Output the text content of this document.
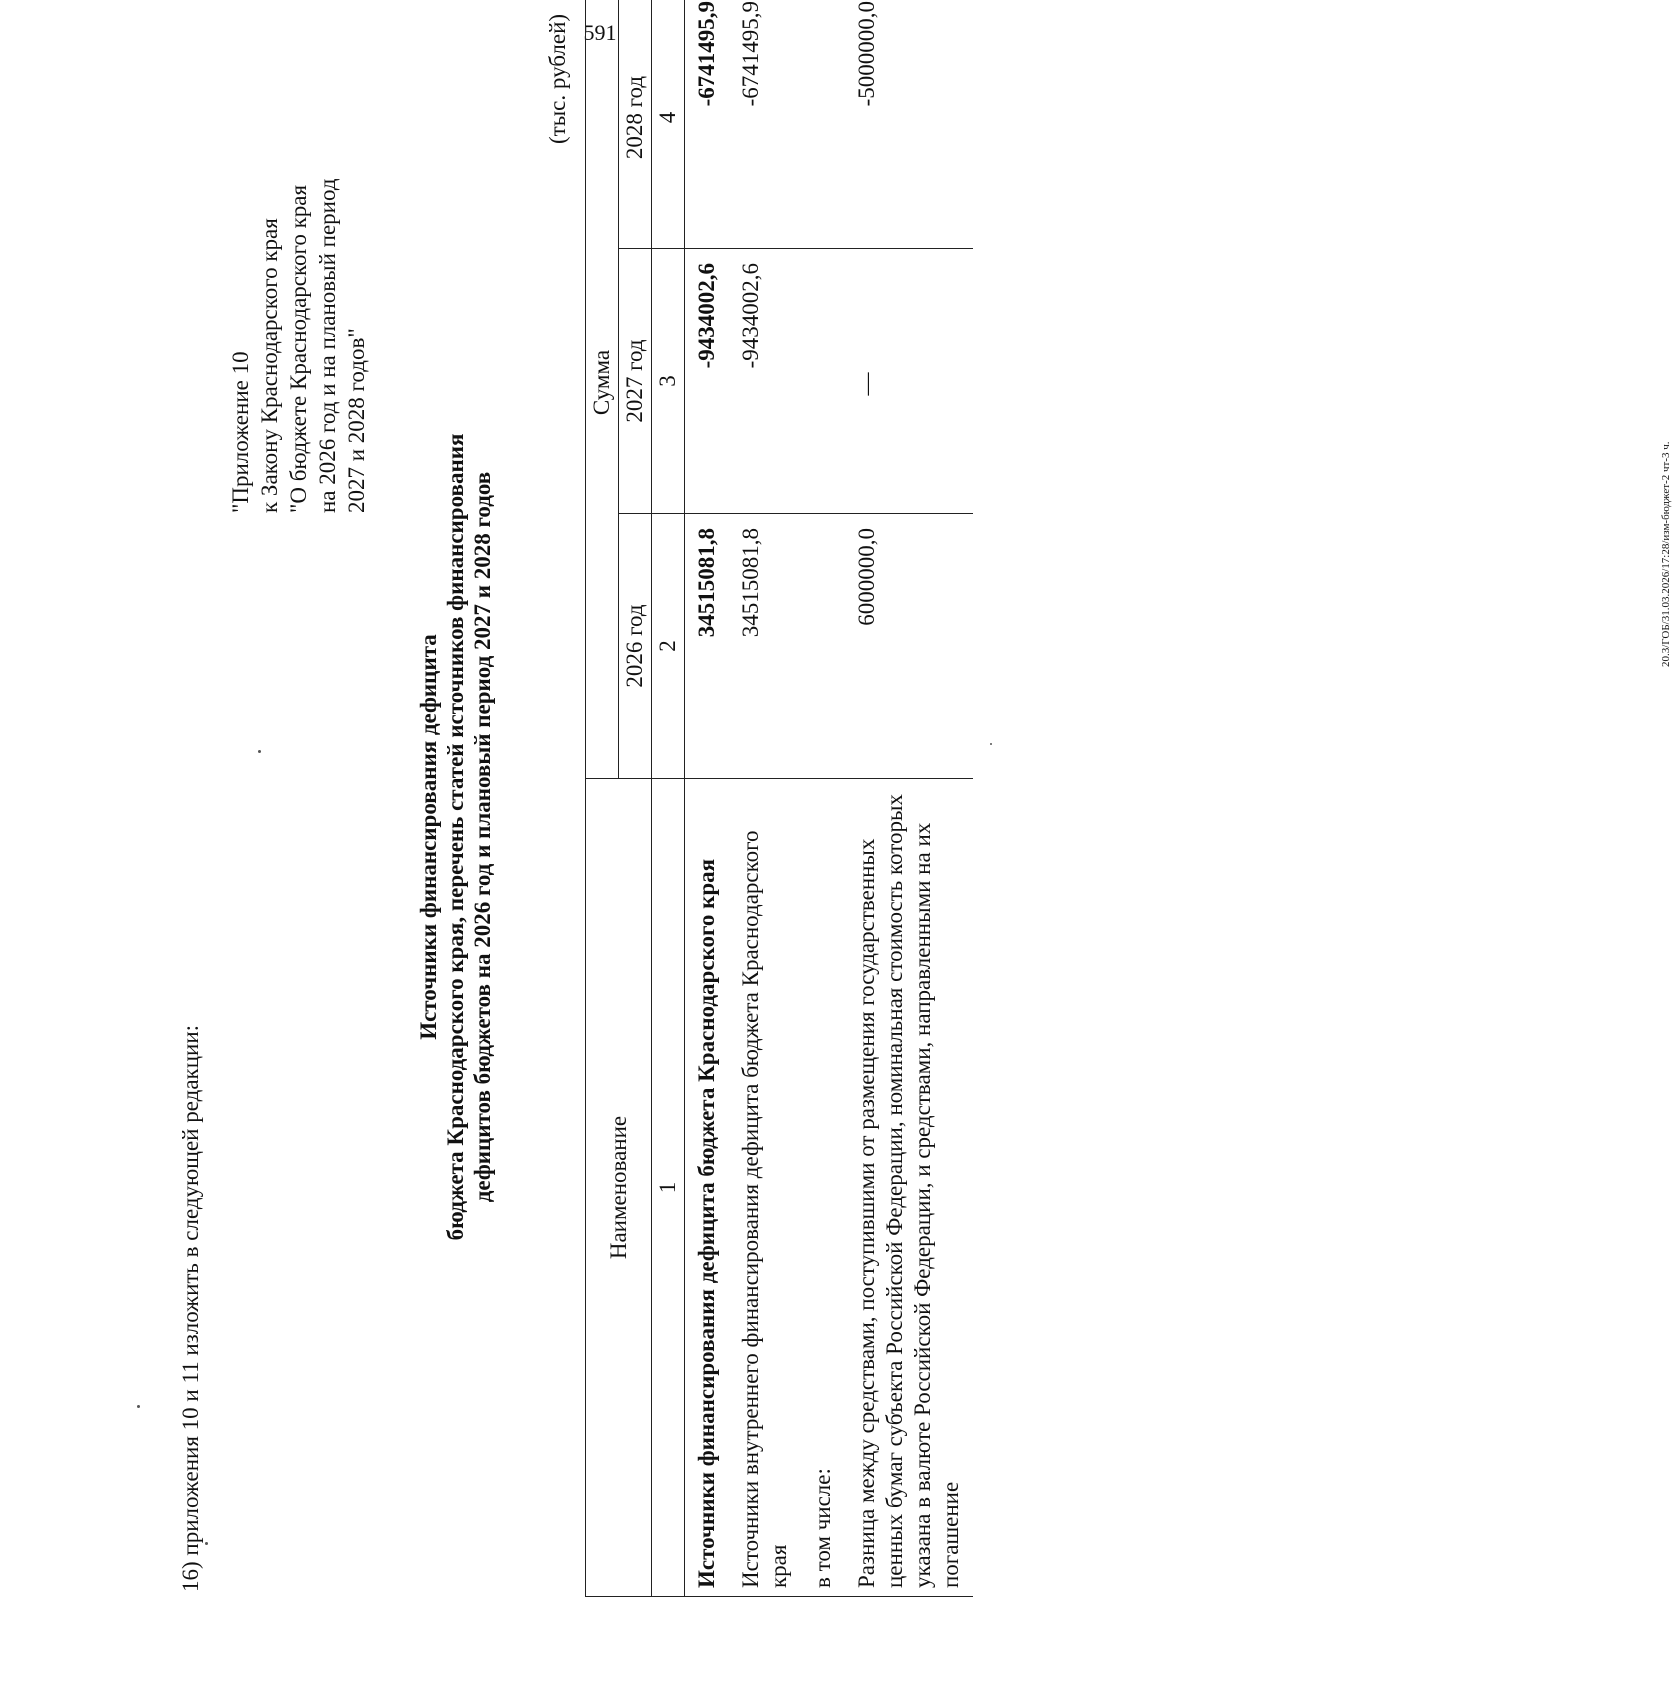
591
16) приложения 10 и 11 изложить в следующей редакции:
"Приложение 10 к Закону Краснодарского края "О бюджете Краснодарского края на 2026 год и на плановый период 2027 и 2028 годов"
Источники финансирования дефицита бюджета Краснодарского края, перечень статей источников финансирования дефицитов бюджетов на 2026 год и плановый период 2027 и 2028 годов
(тыс. рублей)
Наименование	Сумма		
	2026 год	2027 год	2028 год
1	2	3	4
Источники финансирования дефицита бюджета Краснодарского края	34515081,8	-9434002,6	-6741495,9
Источники внутреннего финансирования дефицита бюджета Краснодарского края	34515081,8	-9434002,6	-6741495,9
в том числе:			
Разница между средствами, поступившими от размещения государственных ценных бумаг субъекта Российской Федерации, номинальная стоимость которых указана в валюте Российской Федерации, и средствами, направленными на их погашение	6000000,0	—	-5000000,0
20.3/ГОБ/31.03.2026/17:28/изм-бюджет-2 чт-3 ч.
